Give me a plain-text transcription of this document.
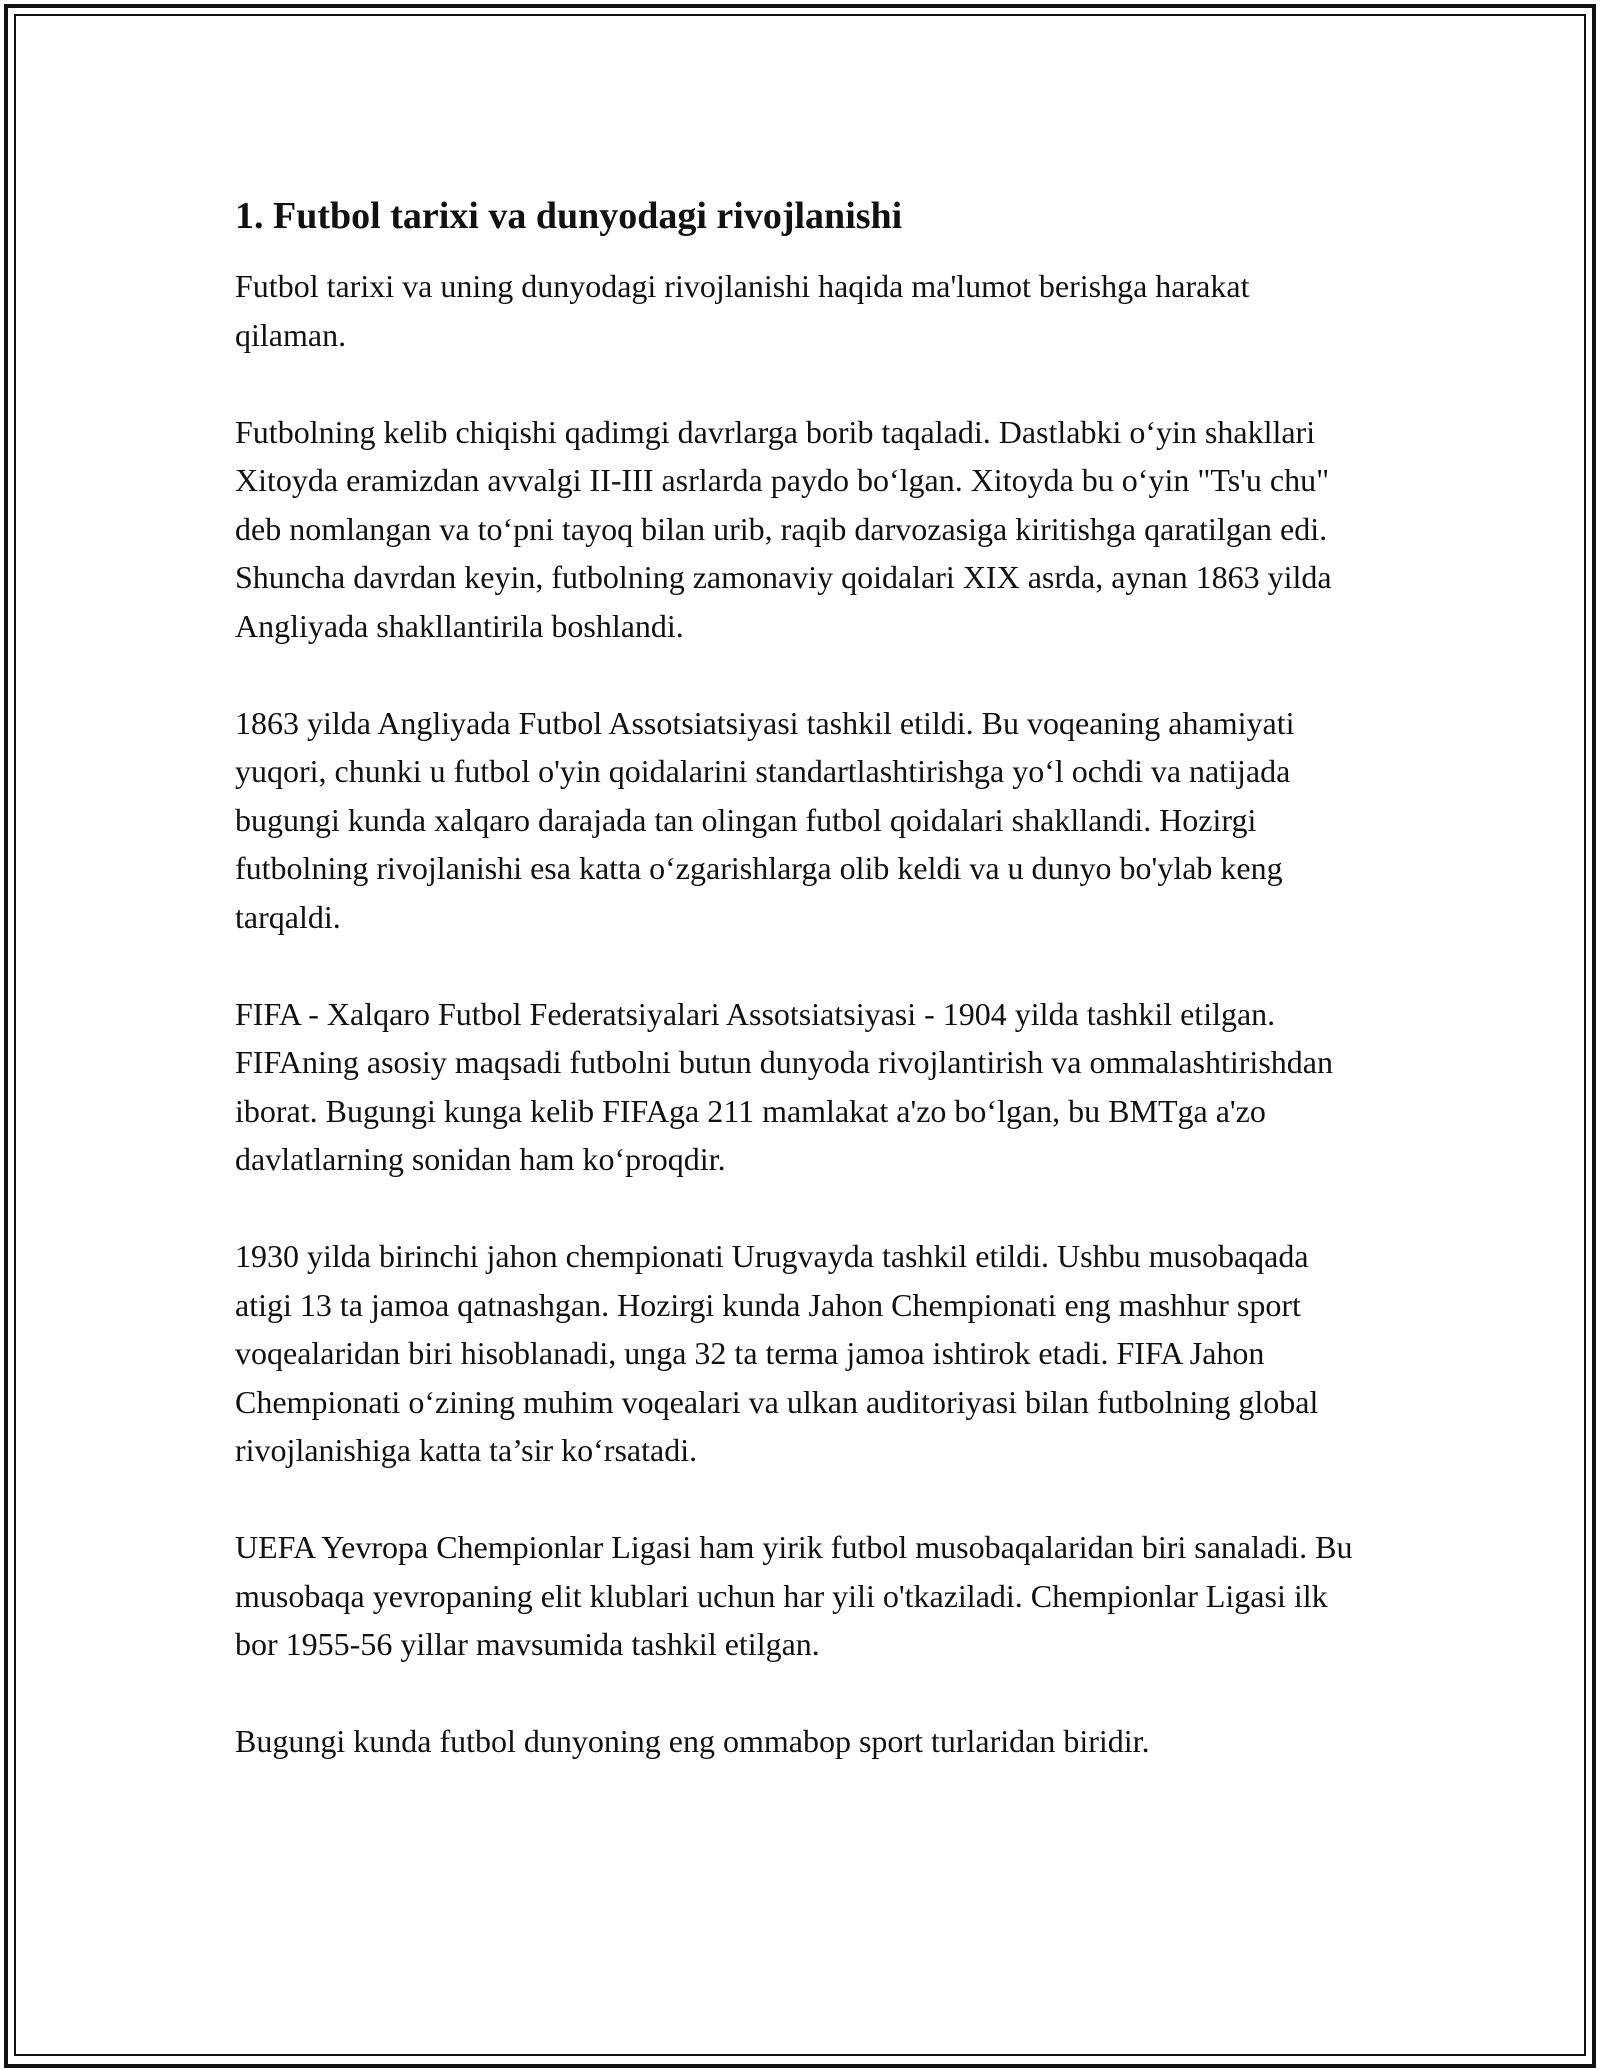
1. Futbol tarixi va dunyodagi rivojlanishi

Futbol tarixi va uning dunyodagi rivojlanishi haqida ma'lumot berishga harakat qilaman.

Futbolning kelib chiqishi qadimgi davrlarga borib taqaladi. Dastlabki o‘yin shakllari Xitoyda eramizdan avvalgi II-III asrlarda paydo bo‘lgan. Xitoyda bu o‘yin "Ts'u chu" deb nomlangan va to‘pni tayoq bilan urib, raqib darvozasiga kiritishga qaratilgan edi. Shuncha davrdan keyin, futbolning zamonaviy qoidalari XIX asrda, aynan 1863 yilda Angliyada shakllantirila boshlandi.

1863 yilda Angliyada Futbol Assotsiatsiyasi tashkil etildi. Bu voqeaning ahamiyati yuqori, chunki u futbol o'yin qoidalarini standartlashtirishga yo‘l ochdi va natijada bugungi kunda xalqaro darajada tan olingan futbol qoidalari shakllandi. Hozirgi futbolning rivojlanishi esa katta o‘zgarishlarga olib keldi va u dunyo bo'ylab keng tarqaldi.

FIFA - Xalqaro Futbol Federatsiyalari Assotsiatsiyasi - 1904 yilda tashkil etilgan. FIFAning asosiy maqsadi futbolni butun dunyoda rivojlantirish va ommalashtirishdan iborat. Bugungi kunga kelib FIFAga 211 mamlakat a'zo bo‘lgan, bu BMTga a'zo davlatlarning sonidan ham ko‘proqdir.

1930 yilda birinchi jahon chempionati Urugvayda tashkil etildi. Ushbu musobaqada atigi 13 ta jamoa qatnashgan. Hozirgi kunda Jahon Chempionati eng mashhur sport voqealaridan biri hisoblanadi, unga 32 ta terma jamoa ishtirok etadi. FIFA Jahon Chempionati o‘zining muhim voqealari va ulkan auditoriyasi bilan futbolning global rivojlanishiga katta ta’sir ko‘rsatadi.

UEFA Yevropa Chempionlar Ligasi ham yirik futbol musobaqalaridan biri sanaladi. Bu musobaqa yevropaning elit klublari uchun har yili o'tkaziladi. Chempionlar Ligasi ilk bor 1955-56 yillar mavsumida tashkil etilgan.

Bugungi kunda futbol dunyoning eng ommabop sport turlaridan biridir.
